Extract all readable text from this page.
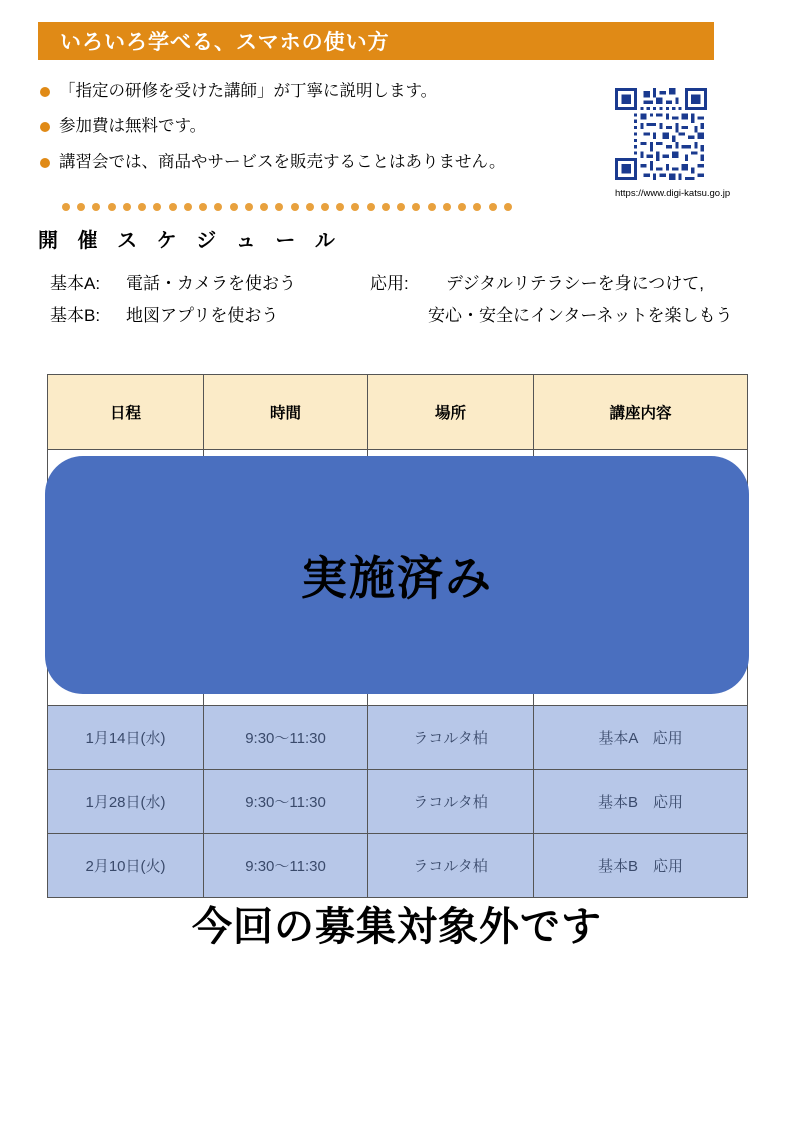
いろいろ学べる、スマホの使い方
「指定の研修を受けた講師」が丁寧に説明します。
参加費は無料です。
講習会では、商品やサービスを販売することはありません。
https://www.digi-katsu.go.jp
開 催 ス ケ ジ ュ ー ル
基本A: 電話・カメラを使おう
基本B: 地図アプリを使おう
応用: デジタルリテラシーを身につけて,
安心・安全にインターネットを楽しもう
日程	時間	場所	講座内容

1月14日(水)	9:30〜11:30	ラコルタ柏	基本A　応用
1月28日(水)	9:30〜11:30	ラコルタ柏	基本B　応用
2月10日(火)	9:30〜11:30	ラコルタ柏	基本B　応用
実施済み
今回の募集対象外です
